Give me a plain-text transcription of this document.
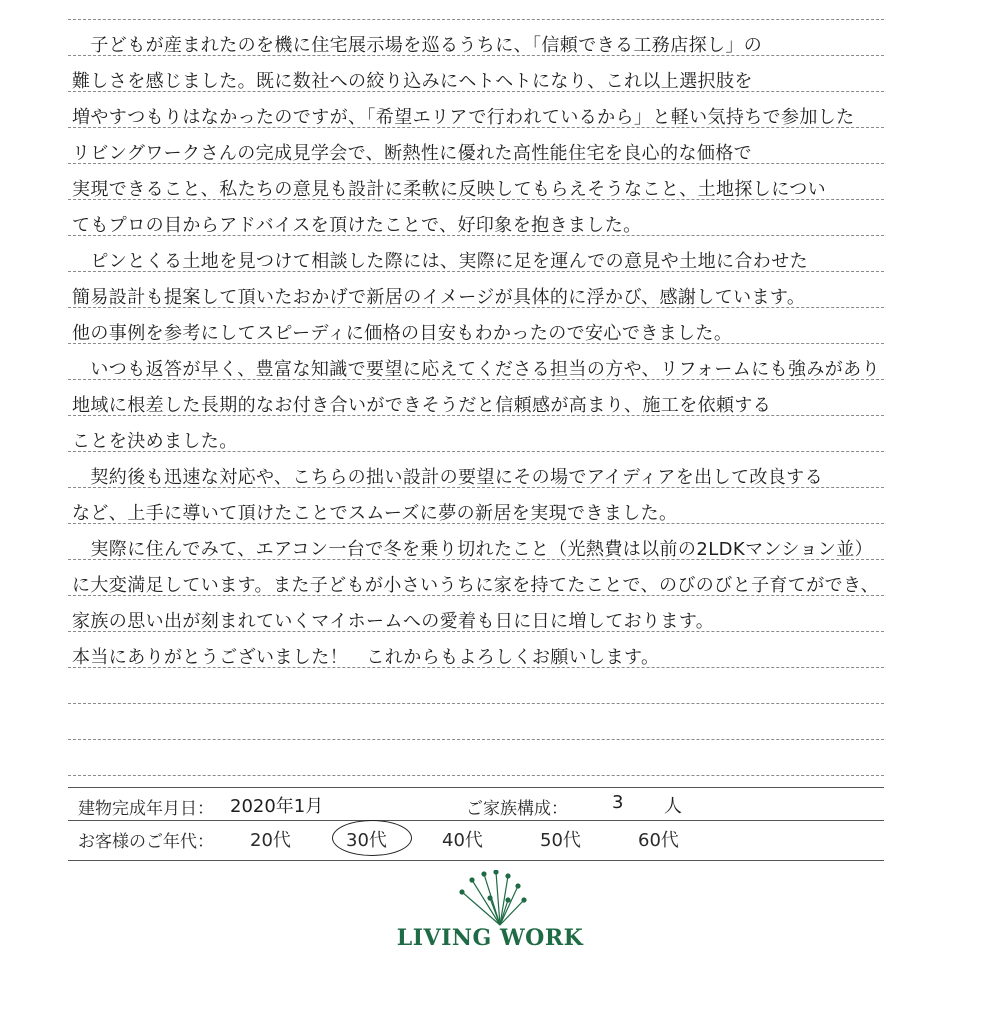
　子どもが産まれたのを機に住宅展示場を巡るうちに、「信頼できる工務店探し」の
難しさを感じました。既に数社への絞り込みにヘトヘトになり、これ以上選択肢を
増やすつもりはなかったのですが、「希望エリアで行われているから」と軽い気持ちで参加した
リビングワークさんの完成見学会で、断熱性に優れた高性能住宅を良心的な価格で
実現できること、私たちの意見も設計に柔軟に反映してもらえそうなこと、土地探しについ
てもプロの目からアドバイスを頂けたことで、好印象を抱きました。
　ピンとくる土地を見つけて相談した際には、実際に足を運んでの意見や土地に合わせた
簡易設計も提案して頂いたおかげで新居のイメージが具体的に浮かび、感謝しています。
他の事例を参考にしてスピーディに価格の目安もわかったので安心できました。
　いつも返答が早く、豊富な知識で要望に応えてくださる担当の方や、リフォームにも強みがあり
地域に根差した長期的なお付き合いができそうだと信頼感が高まり、施工を依頼する
ことを決めました。
　契約後も迅速な対応や、こちらの拙い設計の要望にその場でアイディアを出して改良する
など、上手に導いて頂けたことでスムーズに夢の新居を実現できました。
　実際に住んでみて、エアコン一台で冬を乗り切れたこと（光熱費は以前の2LDKマンション並）
に大変満足しています。また子どもが小さいうちに家を持てたことで、のびのびと子育てができ、
家族の思い出が刻まれていくマイホームへの愛着も日に日に増しております。
本当にありがとうございました！　これからもよろしくお願いします。
建物完成年月日： 2020年1月	ご家族構成： 3 人
お客様のご年代： 20代	30代	40代	50代	60代
LIVING WORK
